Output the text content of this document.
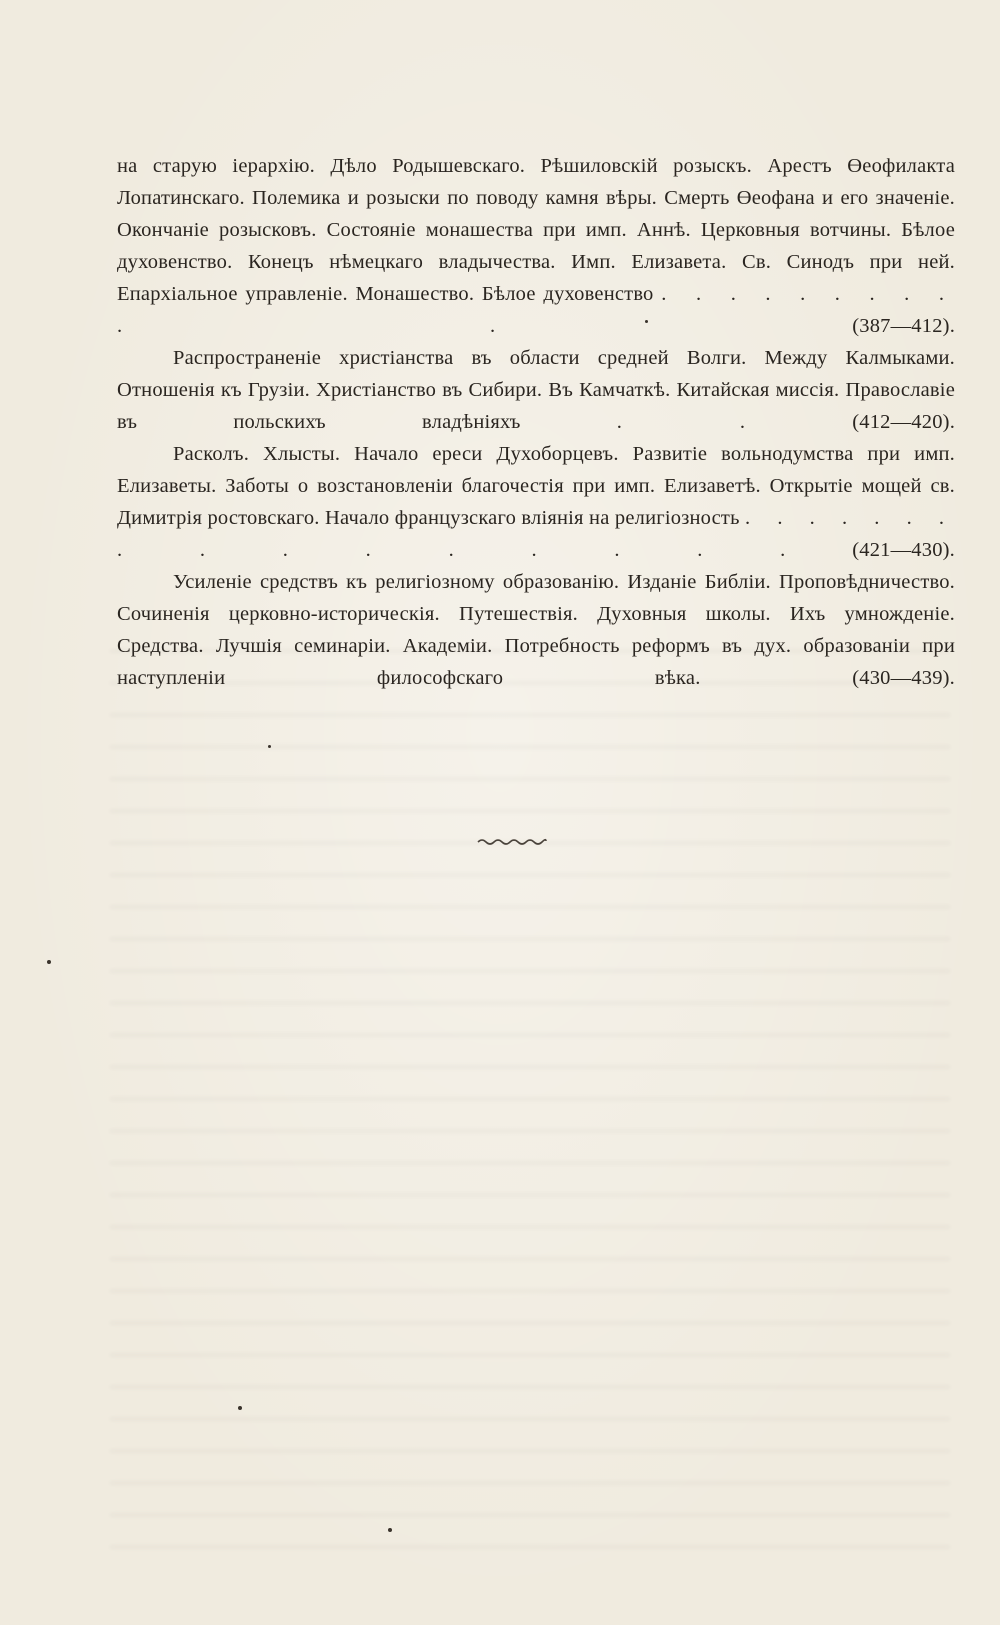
на старую іерархію. Дѣло Родышевскаго. Рѣшиловскій розыскъ. Арестъ Өеофилакта Лопатинскаго. Полемика и розыски по поводу камня вѣры. Смерть Өеофана и его значеніе. Окончаніе розысковъ. Состояніе монашества при имп. Аннѣ. Церковныя вотчины. Бѣлое духовенство. Конецъ нѣмецкаго владычества. Имп. Елизавета. Св. Синодъ при ней. Епархіальное управленіе. Монашество. Бѣлое духовенство . . . . . . . . . . .	(387—412).

Распространеніе христіанства въ области средней Волги. Между Калмыками. Отношенія къ Грузіи. Христіанство въ Сибири. Въ Камчаткѣ. Китайская миссія. Православіе въ польскихъ владѣніяхъ	. .	(412—420).

Расколъ. Хлысты. Начало ереси Духоборцевъ. Развитіе вольнодумства при имп. Елизаветы. Заботы о возстановленіи благочестія при имп. Елизаветѣ. Открытіе мощей св. Димитрія ростовскаго. Начало французскаго вліянія на религіозность . . . . . . . . . . . . . . . .	(421—430).

Усиленіе средствъ къ религіозному образованію. Изданіе Библіи. Проповѣдничество. Сочиненія церковно-историческія. Путешествія. Духовныя школы. Ихъ умножденіе. Средства. Лучшія семинаріи. Академіи. Потребность реформъ въ дух. образованіи при наступленіи философскаго вѣка.	(430—439).
